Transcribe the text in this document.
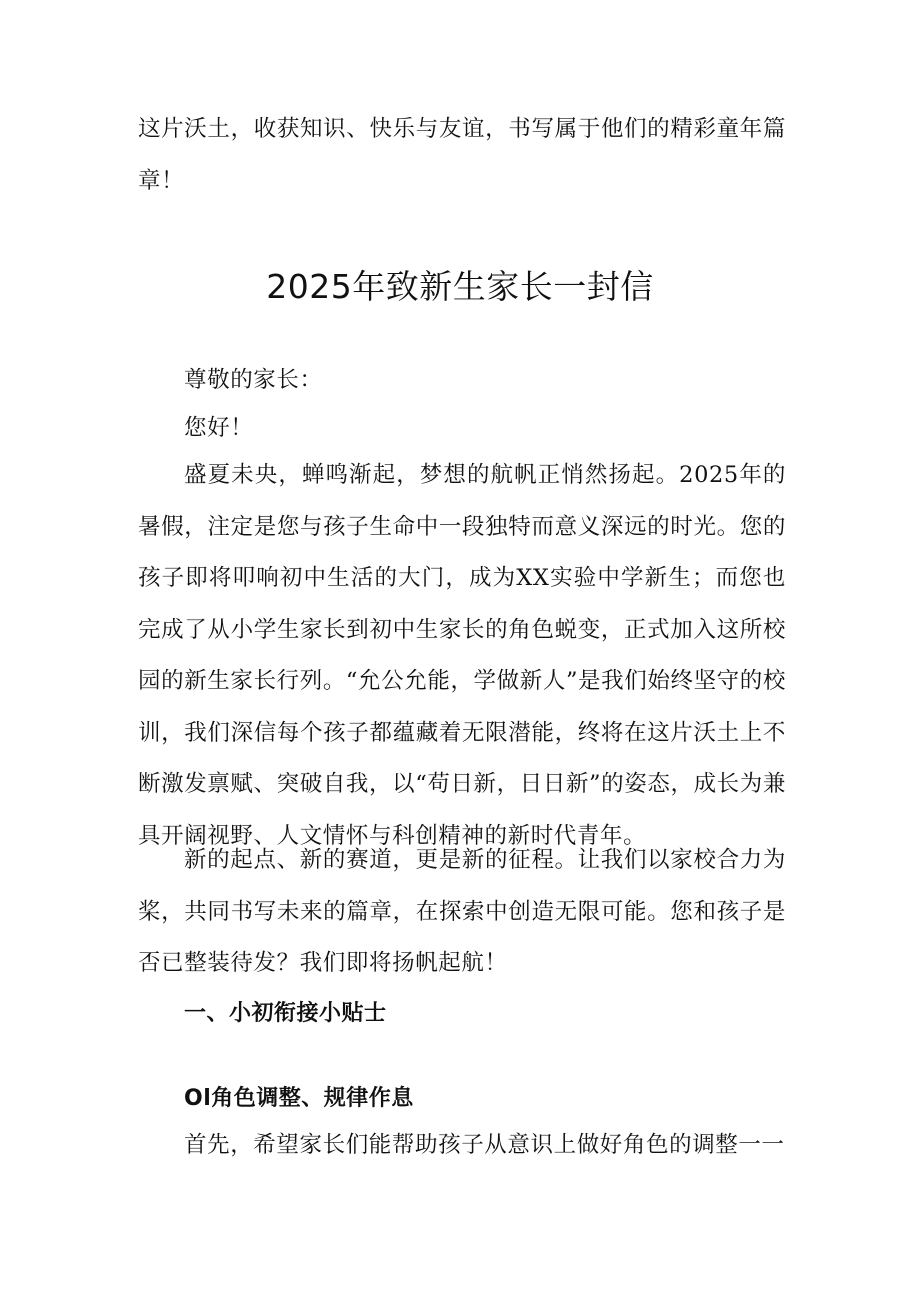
这片沃土，收获知识、快乐与友谊，书写属于他们的精彩童年篇章！

2025年致新生家长一封信

尊敬的家长：

您好！

盛夏未央，蝉鸣渐起，梦想的航帆正悄然扬起。2025年的暑假，注定是您与孩子生命中一段独特而意义深远的时光。您的孩子即将叩响初中生活的大门，成为XX实验中学新生；而您也完成了从小学生家长到初中生家长的角色蜕变，正式加入这所校园的新生家长行列。“允公允能，学做新人”是我们始终坚守的校训，我们深信每个孩子都蕴藏着无限潜能，终将在这片沃土上不断激发禀赋、突破自我，以“苟日新，日日新”的姿态，成长为兼具开阔视野、人文情怀与科创精神的新时代青年。

新的起点、新的赛道，更是新的征程。让我们以家校合力为桨，共同书写未来的篇章，在探索中创造无限可能。您和孩子是否已整装待发？我们即将扬帆起航！

一、小初衔接小贴士
Ol角色调整、规律作息

首先，希望家长们能帮助孩子从意识上做好角色的调整一一
